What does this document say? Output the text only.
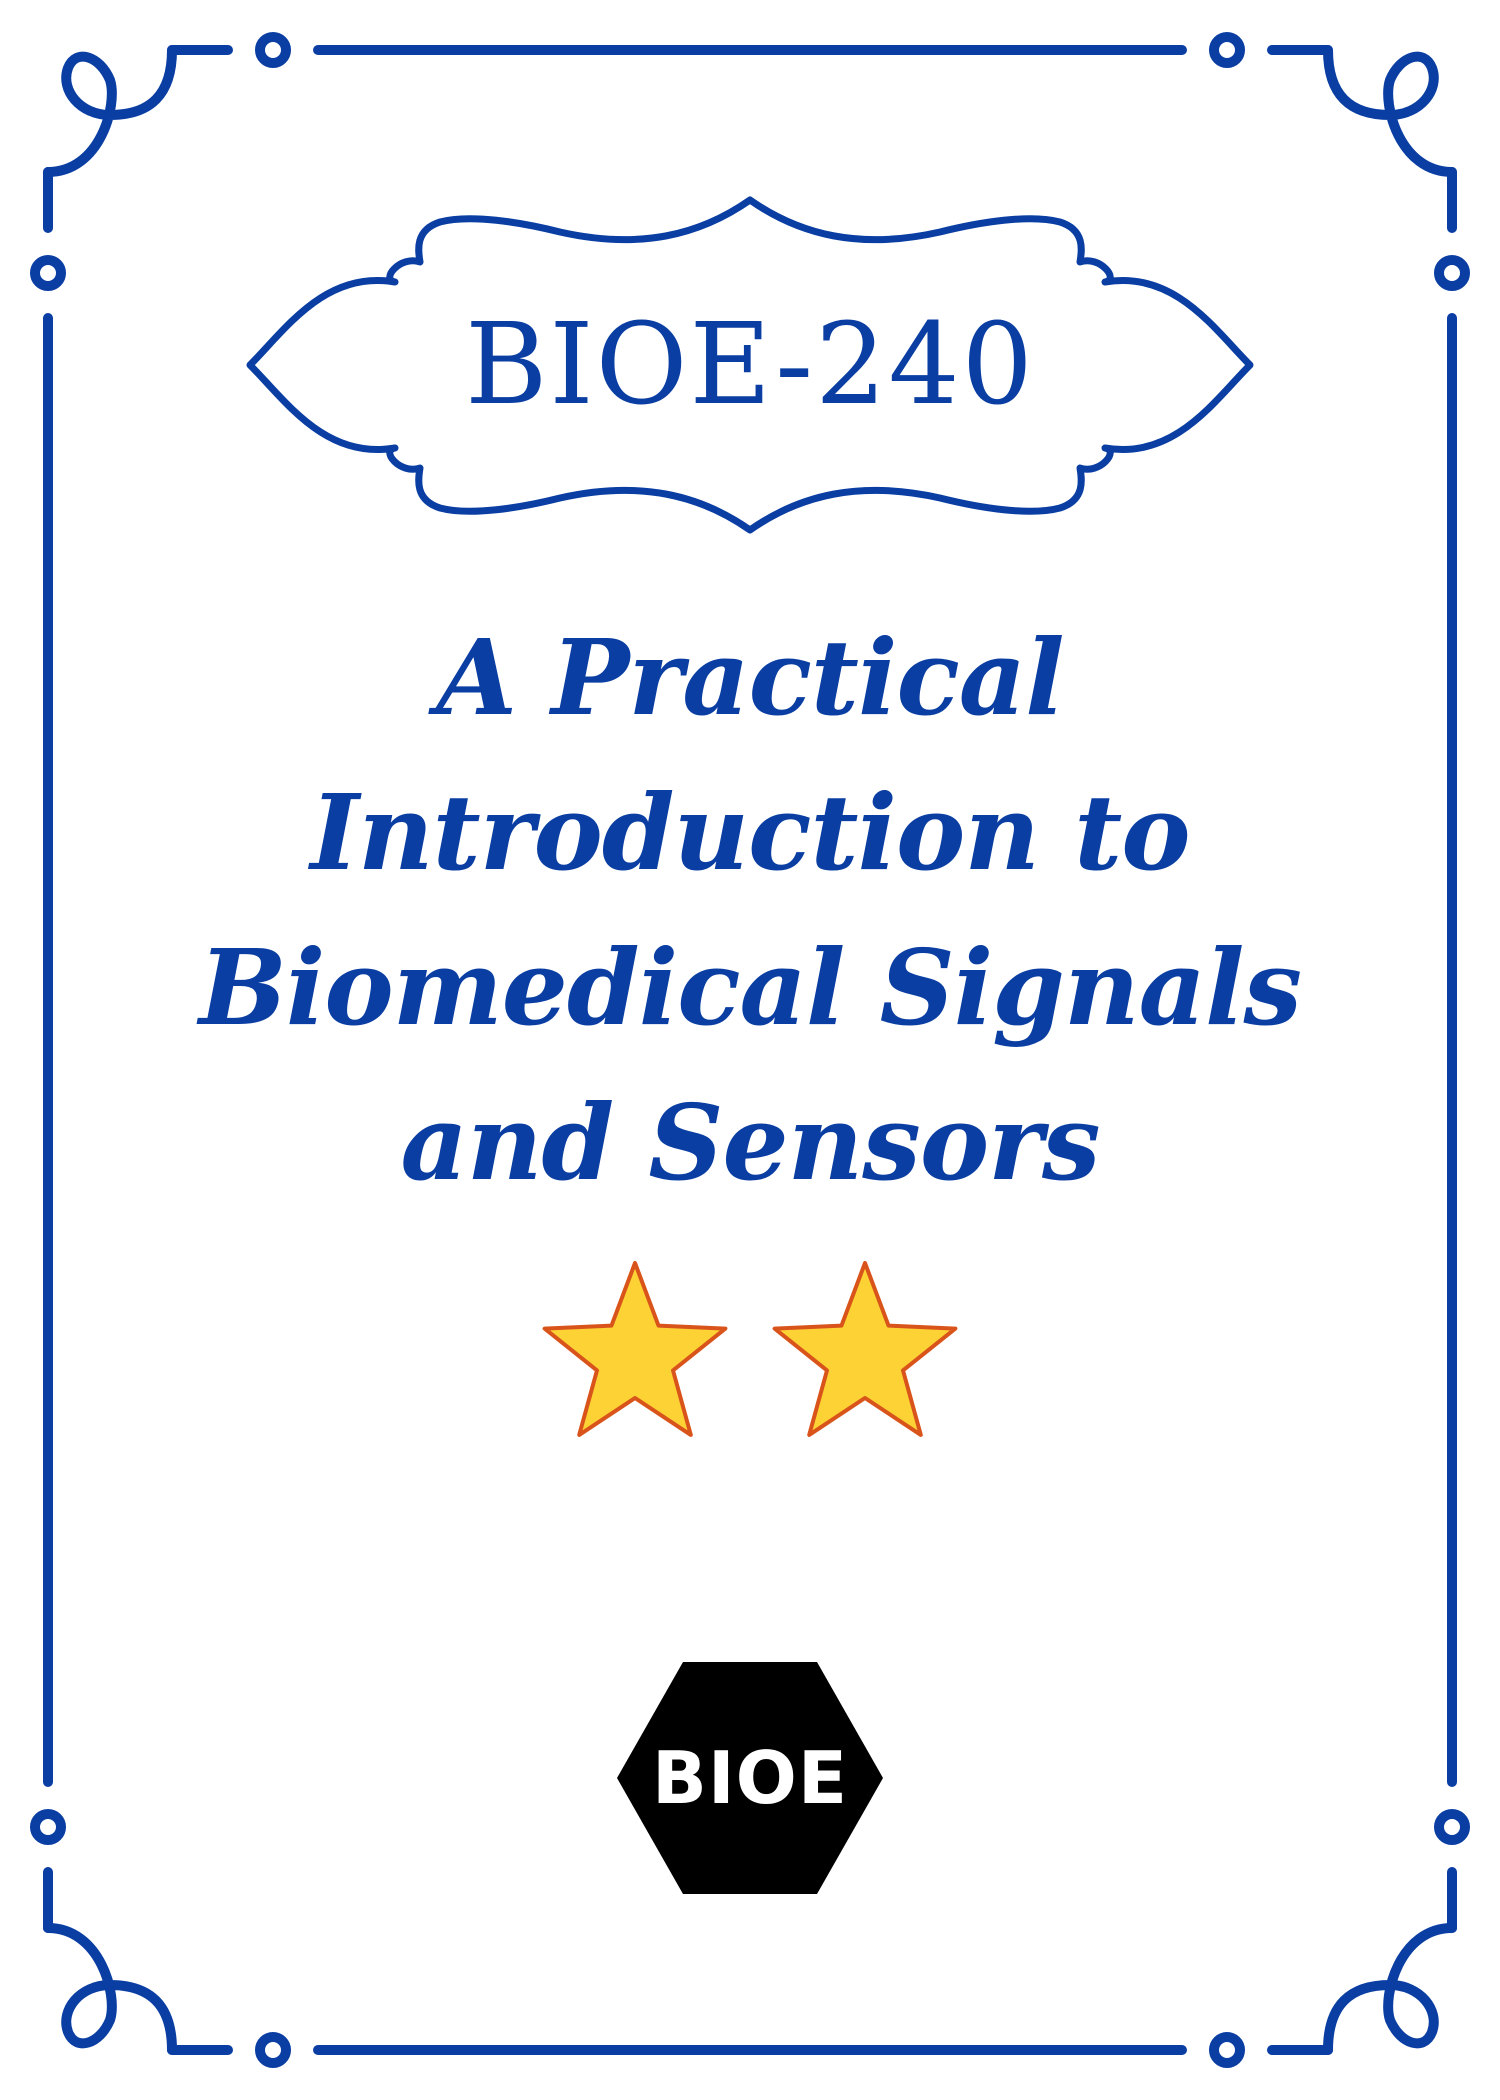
BIOE-240
A Practical
Introduction to
Biomedical Signals
and Sensors
BIOE
